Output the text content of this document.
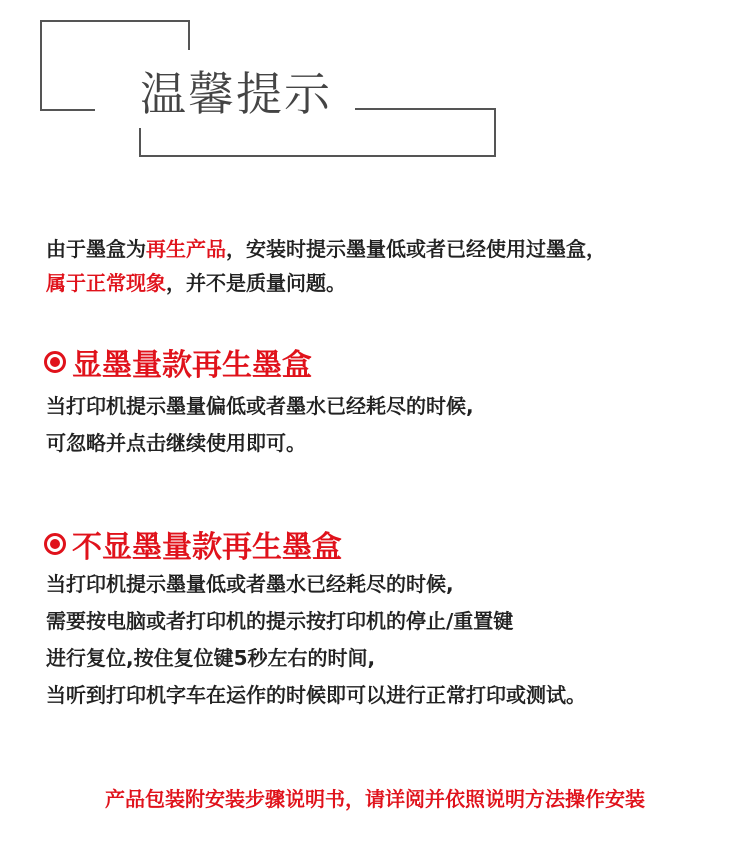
温馨提示
由于墨盒为再生产品，安装时提示墨量低或者已经使用过墨盒，
属于正常现象，并不是质量问题。
显墨量款再生墨盒
当打印机提示墨量偏低或者墨水已经耗尽的时候,
可忽略并点击继续使用即可。
不显墨量款再生墨盒
当打印机提示墨量低或者墨水已经耗尽的时候,
需要按电脑或者打印机的提示按打印机的停止/重置键
进行复位,按住复位键5秒左右的时间,
当听到打印机字车在运作的时候即可以进行正常打印或测试。
产品包装附安装步骤说明书，请详阅并依照说明方法操作安装
